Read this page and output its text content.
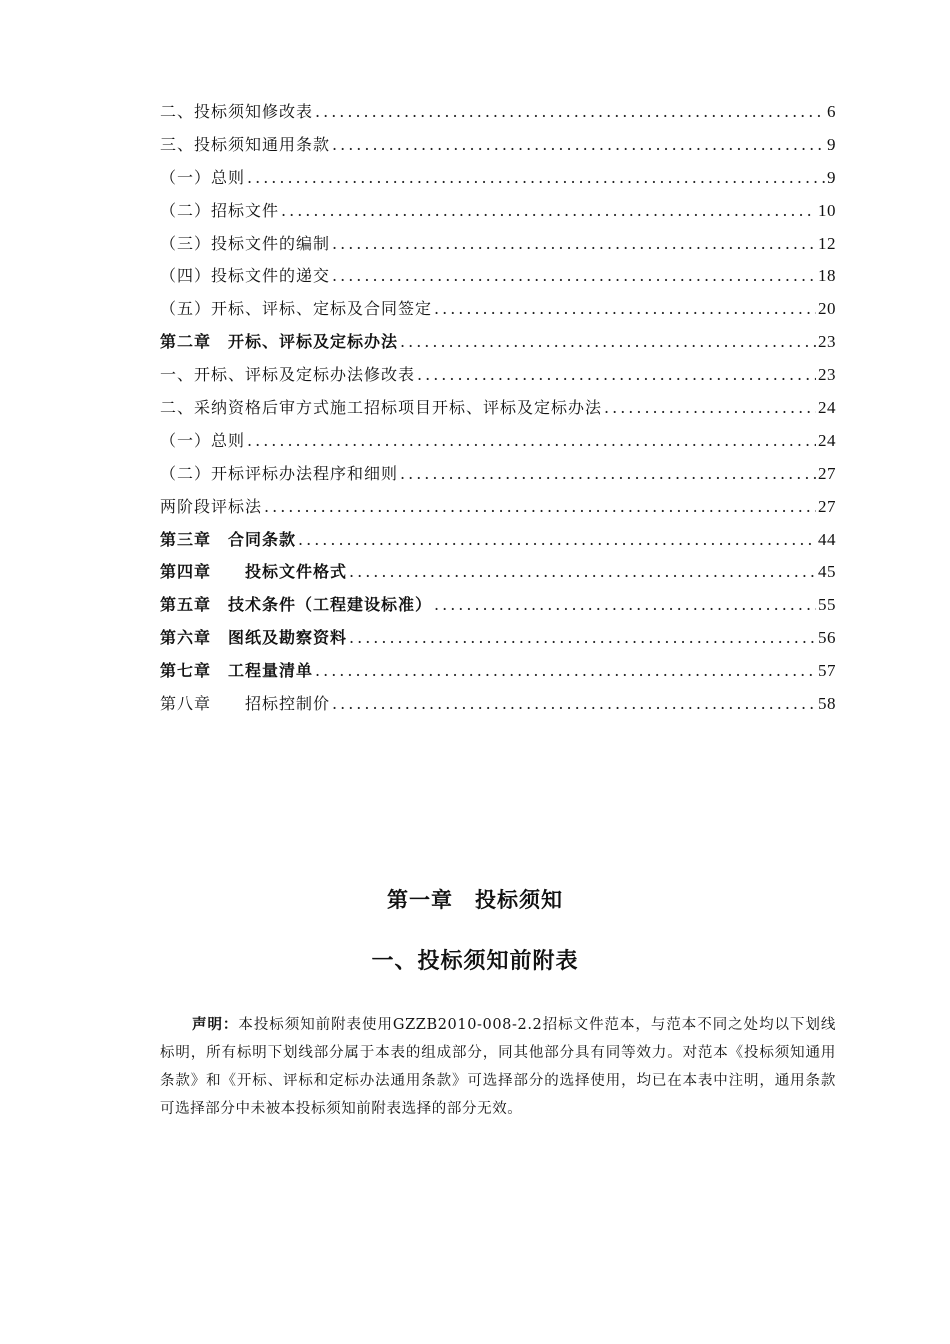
二、投标须知修改表 .....	6
三、投标须知通用条款 .....	9
（一）总则 .....	9
（二）招标文件 .....	10
（三）投标文件的编制 .....	12
（四）投标文件的递交 .....	18
（五）开标、评标、定标及合同签定 .....	20
第二章　开标、评标及定标办法 .....	23
一、开标、评标及定标办法修改表 .....	23
二、采纳资格后审方式施工招标项目开标、评标及定标办法 .....	24
（一）总则 .....	24
（二）开标评标办法程序和细则 .....	27
两阶段评标法 .....	27
第三章　合同条款 .....	44
第四章　　投标文件格式 .....	45
第五章　技术条件（工程建设标准） .....	55
第六章　图纸及勘察资料 .....	56
第七章　工程量清单 .....	57
第八章　　招标控制价 .....	58
第一章　投标须知
一、投标须知前附表

声明：本投标须知前附表使用GZZB2010-008-2.2招标文件范本，与范本不同之处均以下划线标明，所有标明下划线部分属于本表的组成部分，同其他部分具有同等效力。对范本《投标须知通用条款》和《开标、评标和定标办法通用条款》可选择部分的选择使用，均已在本表中注明，通用条款可选择部分中未被本投标须知前附表选择的部分无效。
